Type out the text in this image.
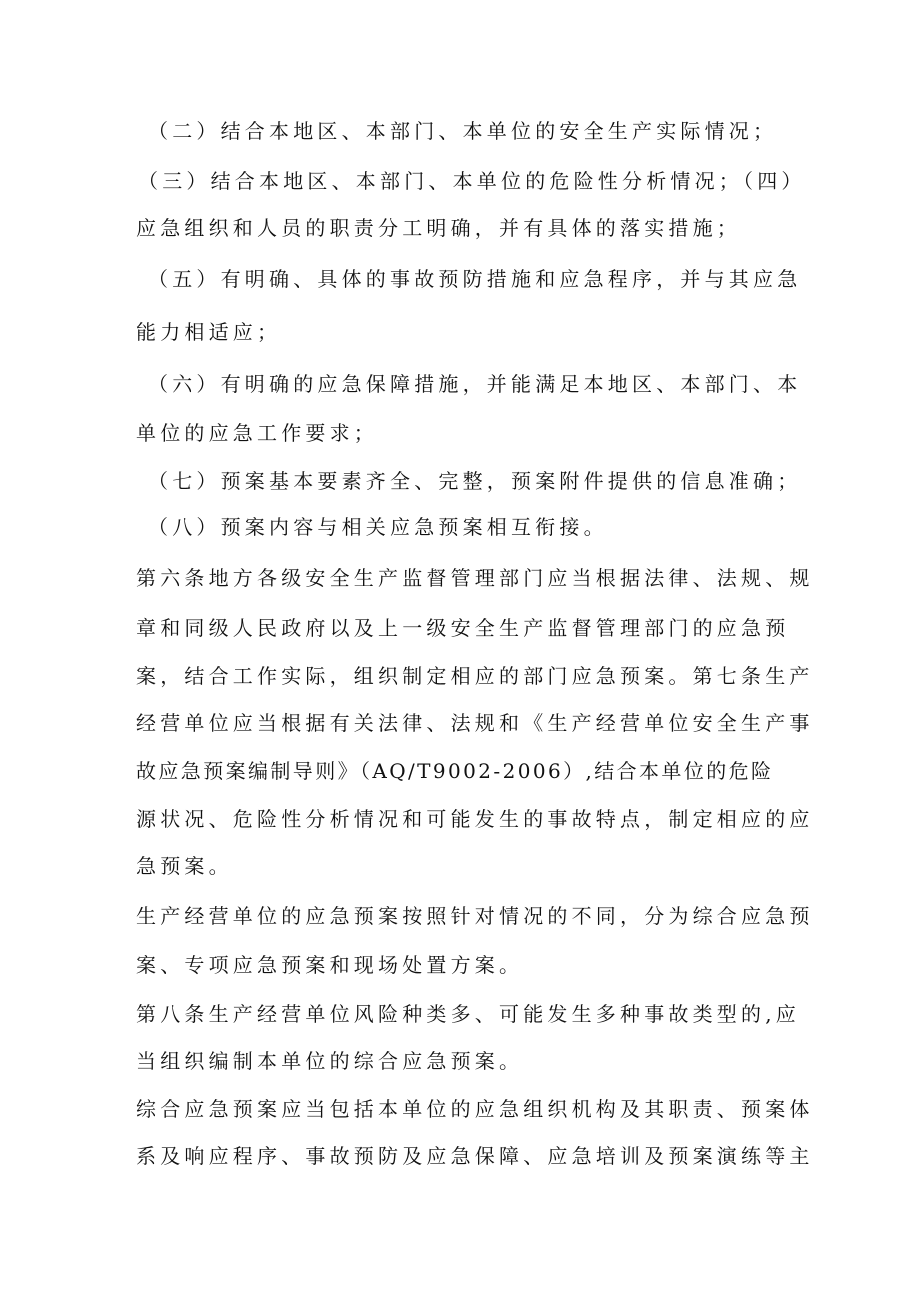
（二）结合本地区、本部门、本单位的安全生产实际情况；
（三）结合本地区、本部门、本单位的危险性分析情况；（四）
应急组织和人员的职责分工明确，并有具体的落实措施；
（五）有明确、具体的事故预防措施和应急程序，并与其应急
能力相适应；
（六）有明确的应急保障措施，并能满足本地区、本部门、本
单位的应急工作要求；
（七）预案基本要素齐全、完整，预案附件提供的信息准确；
（八）预案内容与相关应急预案相互衔接。
第六条地方各级安全生产监督管理部门应当根据法律、法规、规
章和同级人民政府以及上一级安全生产监督管理部门的应急预
案，结合工作实际，组织制定相应的部门应急预案。第七条生产
经营单位应当根据有关法律、法规和《生产经营单位安全生产事
故应急预案编制导则》（AQ/T9002-2006）,结合本单位的危险
源状况、危险性分析情况和可能发生的事故特点，制定相应的应
急预案。
生产经营单位的应急预案按照针对情况的不同，分为综合应急预
案、专项应急预案和现场处置方案。
第八条生产经营单位风险种类多、可能发生多种事故类型的,应
当组织编制本单位的综合应急预案。
综合应急预案应当包括本单位的应急组织机构及其职责、预案体
系及响应程序、事故预防及应急保障、应急培训及预案演练等主
